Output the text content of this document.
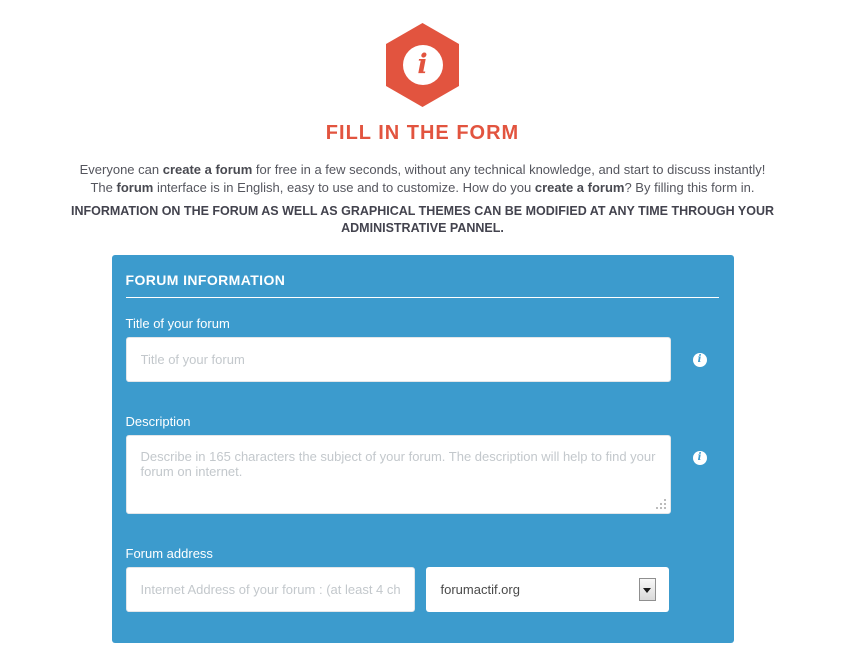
i
FILL IN THE FORM

Everyone can create a forum for free in a few seconds, without any technical knowledge, and start to discuss instantly!
The forum interface is in English, easy to use and to customize. How do you create a forum? By filling this form in.

INFORMATION ON THE FORUM AS WELL AS GRAPHICAL THEMES CAN BE MODIFIED AT ANY TIME THROUGH YOUR
ADMINISTRATIVE PANNEL.

FORUM INFORMATION
Title of your forum
Title of your forum
i
Description
Describe in 165 characters the subject of your forum. The description will help to find your forum on internet.
i
Forum address
Internet Address of your forum : (at least 4 characters)
forumactif.org
